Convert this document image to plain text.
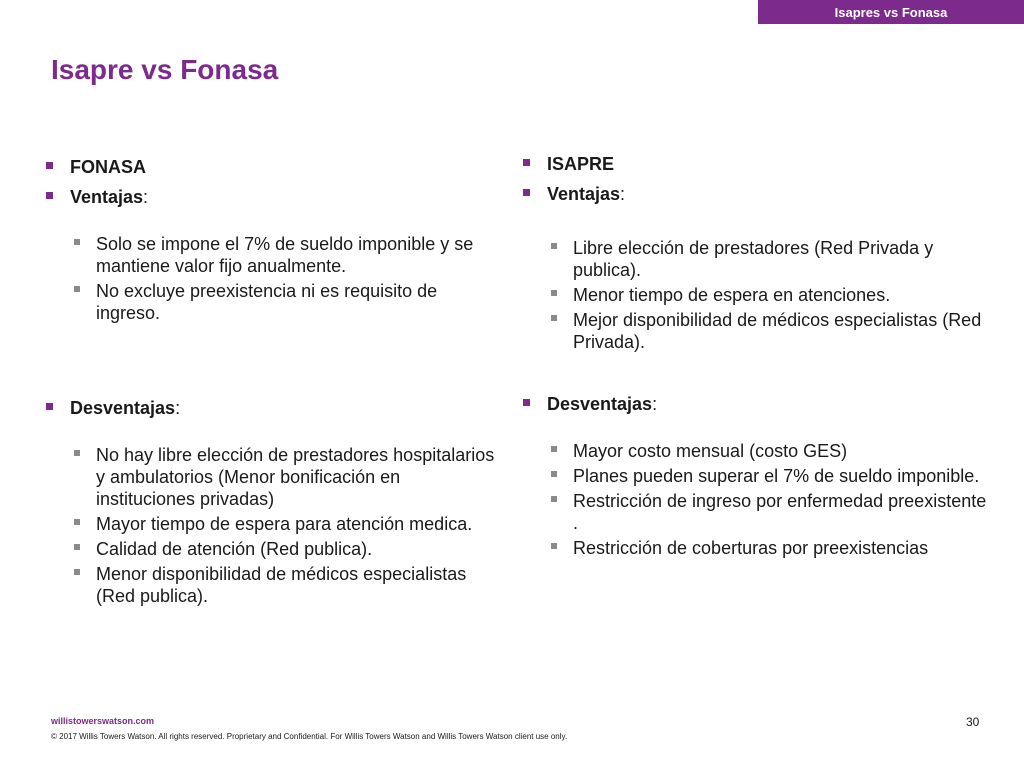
Isapres vs Fonasa
Isapre vs Fonasa
FONASA
Ventajas:
Solo se impone el 7% de sueldo imponible y se mantiene valor fijo anualmente.
No excluye preexistencia ni es requisito de ingreso.
Desventajas:
No hay libre elección de prestadores hospitalarios y ambulatorios (Menor bonificación en instituciones privadas)
Mayor tiempo de espera para atención medica.
Calidad de atención (Red publica).
Menor disponibilidad de médicos especialistas (Red publica).
ISAPRE
Ventajas:
Libre elección de prestadores (Red Privada y publica).
Menor tiempo de espera en atenciones.
Mejor disponibilidad de médicos especialistas (Red Privada).
Desventajas:
Mayor costo mensual (costo GES)
Planes pueden superar el 7% de sueldo imponible.
Restricción de ingreso por enfermedad preexistente .
Restricción de coberturas por preexistencias
willistowerswatson.com
© 2017 Willis Towers Watson. All rights reserved. Proprietary and Confidential. For Willis Towers Watson and Willis Towers Watson client use only.
30
